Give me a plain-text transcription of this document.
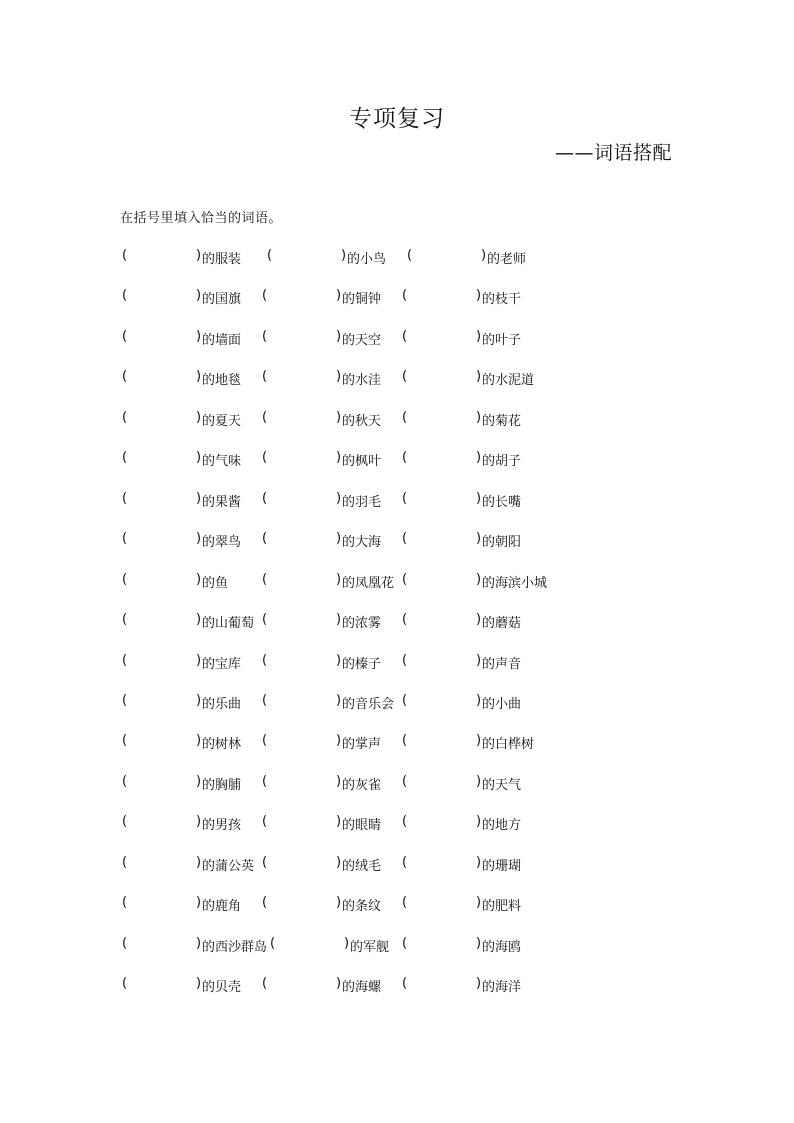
专项复习
——词语搭配
在括号里填入恰当的词语。
(	) 的服装 (	) 的小鸟 (	) 的老师
(	) 的国旗 (	) 的铜钟 (	) 的枝干
(	) 的墙面 (	) 的天空 (	) 的叶子
(	) 的地毯 (	) 的水洼 (	) 的水泥道
(	) 的夏天 (	) 的秋天 (	) 的菊花
(	) 的气味 (	) 的枫叶 (	) 的胡子
(	) 的果酱 (	) 的羽毛 (	) 的长嘴
(	) 的翠鸟 (	) 的大海 (	) 的朝阳
(	) 的鱼	(	) 的凤凰花 (	) 的海滨小城
(	) 的山葡萄 (	) 的浓雾 (	) 的蘑菇
(	) 的宝库 (	) 的榛子 (	) 的声音
(	) 的乐曲 (	) 的音乐会 (	) 的小曲
(	) 的树林 (	) 的掌声 (	) 的白桦树
(	) 的胸脯 (	) 的灰雀 (	) 的天气
(	) 的男孩 (	) 的眼睛 (	) 的地方
(	) 的蒲公英 (	) 的绒毛 (	) 的珊瑚
(	) 的鹿角 (	) 的条纹 (	) 的肥料
(	) 的西沙群岛 (	) 的军舰 (	) 的海鸥
(	) 的贝壳 (	) 的海螺 (	) 的海洋
